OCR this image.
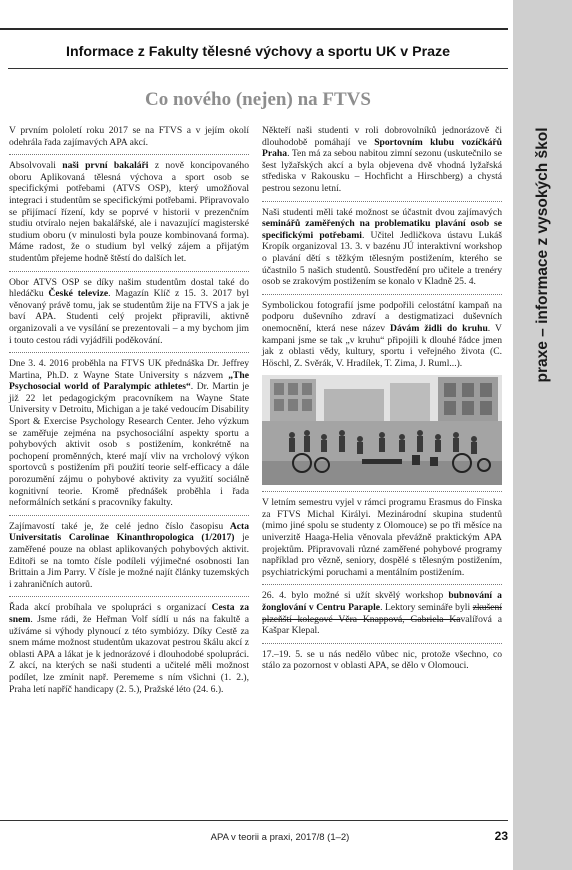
praxe – informace z vysokých škol
Informace z Fakulty tělesné výchovy a sportu UK v Praze
Co nového (nejen) na FTVS

V prvním pololetí roku 2017 se na FTVS a v jejím okolí odehrála řada zajímavých APA akcí.

Absolvovali naši první bakaláři z nově koncipovaného oboru Aplikovaná tělesná výchova a sport osob se specifickými potřebami (ATVS OSP), který umožňoval integraci i studentům se specifickými potřebami. Připravovalo se přijímací řízení, kdy se poprvé v historii v prezenčním studiu otvíralo nejen bakalářské, ale i navazující magisterské studium oboru (v minulosti byla pouze kombinovaná forma). Máme radost, že o studium byl velký zájem a přijatým studentům přejeme hodně štěstí do dalších let.

Obor ATVS OSP se díky našim studentům dostal také do hledáčku České televize. Magazín Klíč z 15. 3. 2017 byl věnovaný právě tomu, jak se studentům žije na FTVS a jak je baví APA. Studenti celý projekt připravili, aktivně organizovali a ve vysílání se prezentovali – a my bychom jim i touto cestou rádi vyjádřili poděkování.

Dne 3. 4. 2016 proběhla na FTVS UK přednáška Dr. Jeffrey Martina, Ph.D. z Wayne State University s názvem „The Psychosocial world of Paralympic athletes“. Dr. Martin je již 22 let pedagogickým pracovníkem na Wayne State University v Detroitu, Michigan a je také vedoucím Disability Sport & Exercise Psychology Research Center. Jeho výzkum se zaměřuje zejména na psychosociální aspekty sportu a pohybových aktivit osob s postižením, konkrétně na pochopení proměnných, které mají vliv na vrcholový výkon sportovců s postižením při použití teorie self-efficacy a dále porozumění zájmu o pohybové aktivity za využití sociálně kognitivní teorie. Kromě přednášek proběhla i řada neformálních setkání s pracovníky fakulty.

Zajímavostí také je, že celé jedno číslo časopisu Acta Universitatis Carolinae Kinanthropologica (1/2017) je zaměřené pouze na oblast aplikovaných pohybových aktivit. Editoři se na tomto čísle podíleli výjimečné osobnosti Ian Brittain a Jim Parry. V čísle je možné najít články tuzemských i zahraničních autorů.

Řada akcí probíhala ve spolupráci s organizací Cesta za snem. Jsme rádi, že Heřman Volf sídlí u nás na fakultě a užíváme si výhody plynoucí z této symbiózy. Díky Cestě za snem máme možnost studentům ukazovat pestrou škálu akcí z oblasti APA a lákat je k jednorázové i dlouhodobé spolupráci. Z akcí, na kterých se naši studenti a učitelé měli možnost podílet, lze zmínit např. Perememe s ním všichni (1. 2.), Praha letí napříč handicapy (2. 5.), Pražské léto (24. 6.).

Někteří naši studenti v roli dobrovolníků jednorázově či dlouhodobě pomáhají ve Sportovním klubu vozíčkářů Praha. Ten má za sebou nabitou zimní sezonu (uskutečnilo se šest lyžařských akcí a byla objevena dvě vhodná lyžařská střediska v Rakousku – Hochficht a Hirschberg) a chystá pestrou sezonu letní.

Naši studenti měli také možnost se účastnit dvou zajímavých seminářů zaměřených na problematiku plavání osob se specifickými potřebami. Učitel Jedličkova ústavu Lukáš Kropík organizoval 13. 3. v bazénu JÚ interaktivní workshop o plavání dětí s těžkým tělesným postižením, kterého se účastnilo 5 našich studentů. Soustředění pro učitele a trenéry osob se zrakovým postižením se konalo v Kladně 25. 4.

Symbolickou fotografií jsme podpořili celostátní kampaň na podporu duševního zdraví a destigmatizaci duševních onemocnění, která nese název Dávám židli do kruhu. V kampani jsme se tak „v kruhu“ připojili k dlouhé řádce jmen jak z oblasti vědy, kultury, sportu i veřejného života (C. Höschl, Z. Svěrák, V. Hradílek, T. Zima, J. Ruml...).

V letním semestru vyjel v rámci programu Erasmus do Finska za FTVS Michal Királyi. Mezinárodní skupina studentů (mimo jiné spolu se studenty z Olomouce) se po tři měsíce na univerzitě Haaga-Helia věnovala převážně praktickým APA projektům. Připravovali různé zaměřené pohybové programy například pro vězně, seniory, dospělé s tělesným postižením, psychiatrickými poruchami a mentálním postižením.

26. 4. bylo možné si užít skvělý workshop bubnování a žonglování v Centru Paraple. Lektory semináře byli zkušení plzeňští kolegové Věra Knappová, Gabriela Kavalířová a Kašpar Klepal.

17.–19. 5. se u nás nedělo vůbec nic, protože všechno, co stálo za pozornost v oblasti APA, se dělo v Olomouci.

APA v teorii a praxi, 2017/8 (1–2)	23
